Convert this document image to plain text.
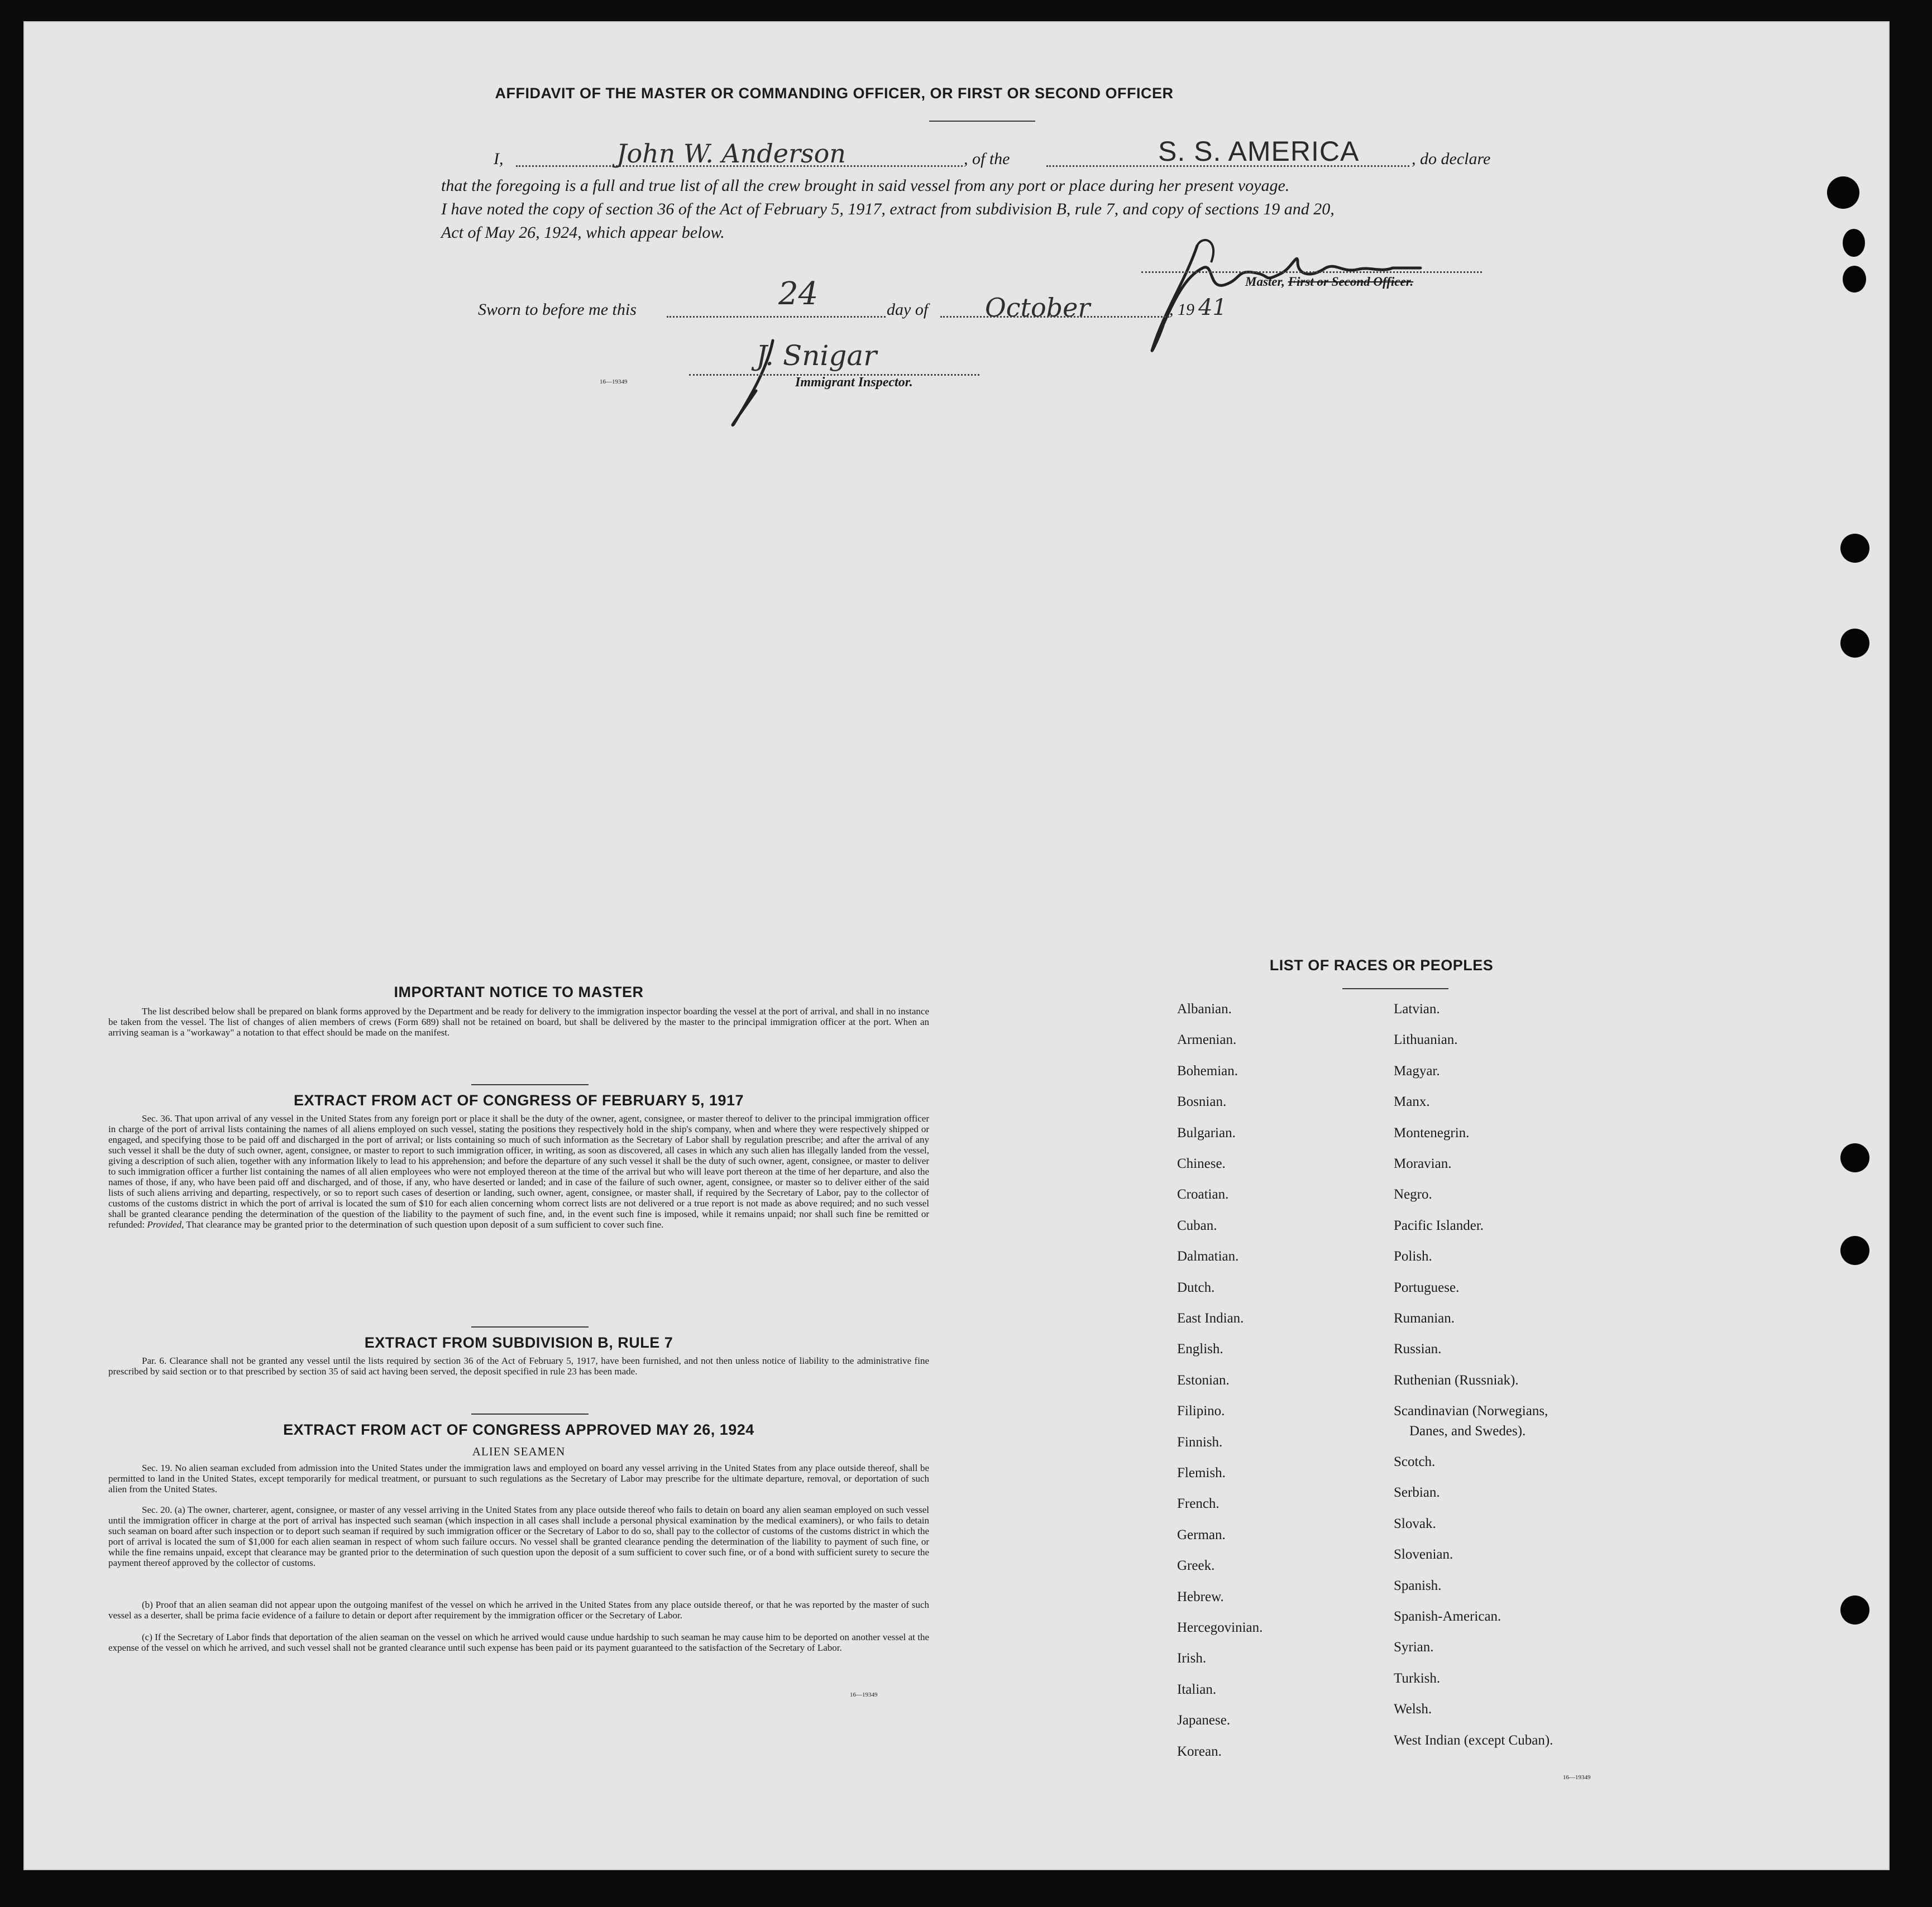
AFFIDAVIT OF THE MASTER OR COMMANDING OFFICER, OR FIRST OR SECOND OFFICER
I,	John W. Anderson	, of the	S. S. AMERICA	, do declare
that the foregoing is a full and true list of all the crew brought in said vessel from any port or place during her present voyage.
I have noted the copy of section 36 of the Act of February 5, 1917, extract from subdivision B, rule 7, and copy of sections 19 and 20,
Act of May 26, 1924, which appear below.
Master, First or Second Officer.
Sworn to before me this	24	day of October	, 19 41
J. Snigar
Immigrant Inspector.
16—19349
IMPORTANT NOTICE TO MASTER
The list described below shall be prepared on blank forms approved by the Department and be ready for delivery to the immigration inspector boarding the vessel at the port of arrival, and shall in no instance be taken from the vessel. The list of changes of alien members of crews (Form 689) shall not be retained on board, but shall be delivered by the master to the principal immigration officer at the port. When an arriving seaman is a "workaway" a notation to that effect should be made on the manifest.
EXTRACT FROM ACT OF CONGRESS OF FEBRUARY 5, 1917
Sec. 36. That upon arrival of any vessel in the United States from any foreign port or place it shall be the duty of the owner, agent, consignee, or master thereof to deliver to the principal immigration officer in charge of the port of arrival lists containing the names of all aliens employed on such vessel, stating the positions they respectively hold in the ship's company, when and where they were respectively shipped or engaged, and specifying those to be paid off and discharged in the port of arrival; or lists containing so much of such information as the Secretary of Labor shall by regulation prescribe; and after the arrival of any such vessel it shall be the duty of such owner, agent, consignee, or master to report to such immigration officer, in writing, as soon as discovered, all cases in which any such alien has illegally landed from the vessel, giving a description of such alien, together with any information likely to lead to his apprehension; and before the departure of any such vessel it shall be the duty of such owner, agent, consignee, or master to deliver to such immigration officer a further list containing the names of all alien employees who were not employed thereon at the time of the arrival but who will leave port thereon at the time of her departure, and also the names of those, if any, who have been paid off and discharged, and of those, if any, who have deserted or landed; and in case of the failure of such owner, agent, consignee, or master so to deliver either of the said lists of such aliens arriving and departing, respectively, or so to report such cases of desertion or landing, such owner, agent, consignee, or master shall, if required by the Secretary of Labor, pay to the collector of customs of the customs district in which the port of arrival is located the sum of $10 for each alien concerning whom correct lists are not delivered or a true report is not made as above required; and no such vessel shall be granted clearance pending the determination of the question of the liability to the payment of such fine, and, in the event such fine is imposed, while it remains unpaid; nor shall such fine be remitted or refunded: Provided, That clearance may be granted prior to the determination of such question upon deposit of a sum sufficient to cover such fine.
EXTRACT FROM SUBDIVISION B, RULE 7
Par. 6. Clearance shall not be granted any vessel until the lists required by section 36 of the Act of February 5, 1917, have been furnished, and not then unless notice of liability to the administrative fine prescribed by said section or to that prescribed by section 35 of said act having been served, the deposit specified in rule 23 has been made.
EXTRACT FROM ACT OF CONGRESS APPROVED MAY 26, 1924
ALIEN SEAMEN
Sec. 19. No alien seaman excluded from admission into the United States under the immigration laws and employed on board any vessel arriving in the United States from any place outside thereof, shall be permitted to land in the United States, except temporarily for medical treatment, or pursuant to such regulations as the Secretary of Labor may prescribe for the ultimate departure, removal, or deportation of such alien from the United States.
Sec. 20. (a) The owner, charterer, agent, consignee, or master of any vessel arriving in the United States from any place outside thereof who fails to detain on board any alien seaman employed on such vessel until the immigration officer in charge at the port of arrival has inspected such seaman (which inspection in all cases shall include a personal physical examination by the medical examiners), or who fails to detain such seaman on board after such inspection or to deport such seaman if required by such immigration officer or the Secretary of Labor to do so, shall pay to the collector of customs of the customs district in which the port of arrival is located the sum of $1,000 for each alien seaman in respect of whom such failure occurs. No vessel shall be granted clearance pending the determination of the liability to payment of such fine, or while the fine remains unpaid, except that clearance may be granted prior to the determination of such question upon the deposit of a sum sufficient to cover such fine, or of a bond with sufficient surety to secure the payment thereof approved by the collector of customs.
(b) Proof that an alien seaman did not appear upon the outgoing manifest of the vessel on which he arrived in the United States from any place outside thereof, or that he was reported by the master of such vessel as a deserter, shall be prima facie evidence of a failure to detain or deport after requirement by the immigration officer or the Secretary of Labor.
(c) If the Secretary of Labor finds that deportation of the alien seaman on the vessel on which he arrived would cause undue hardship to such seaman he may cause him to be deported on another vessel at the expense of the vessel on which he arrived, and such vessel shall not be granted clearance until such expense has been paid or its payment guaranteed to the satisfaction of the Secretary of Labor.
16—19349
LIST OF RACES OR PEOPLES
16—19349
Albanian.
Armenian.
Bohemian.
Bosnian.
Bulgarian.
Chinese.
Croatian.
Cuban.
Dalmatian.
Dutch.
East Indian.
English.
Estonian.
Filipino.
Finnish.
Flemish.
French.
German.
Greek.
Hebrew.
Hercegovinian.
Irish.
Italian.
Japanese.
Korean.
Latvian.
Lithuanian.
Magyar.
Manx.
Montenegrin.
Moravian.
Negro.
Pacific Islander.
Polish.
Portuguese.
Rumanian.
Russian.
Ruthenian (Russniak).
Scandinavian (Norwegians,
Danes, and Swedes).
Scotch.
Serbian.
Slovak.
Slovenian.
Spanish.
Spanish-American.
Syrian.
Turkish.
Welsh.
West Indian (except Cuban).
